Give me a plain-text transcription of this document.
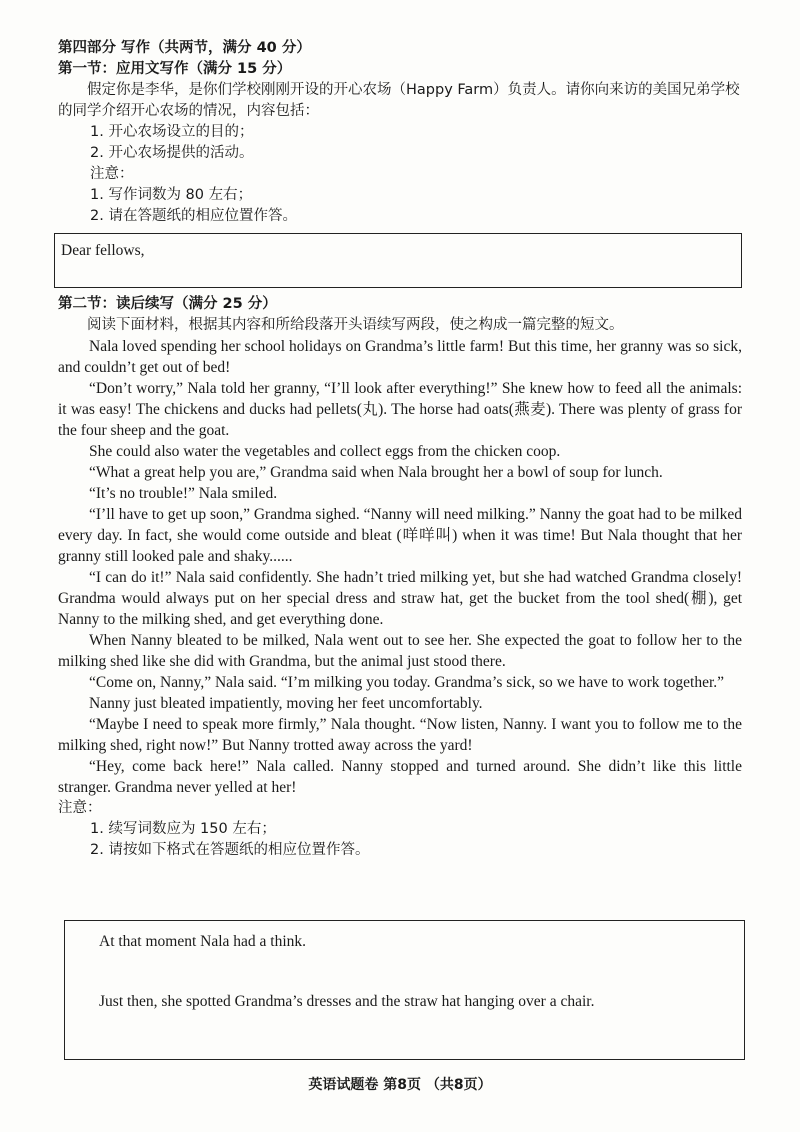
第四部分 写作（共两节，满分 40 分）

第一节：应用文写作（满分 15 分）

假定你是李华，是你们学校刚刚开设的开心农场（Happy Farm）负责人。请你向来访的美国兄弟学校的同学介绍开心农场的情况，内容包括：

1. 开心农场设立的目的；

2. 开心农场提供的活动。

注意：

1. 写作词数为 80 左右；

2. 请在答题纸的相应位置作答。

Dear fellows,

第二节：读后续写（满分 25 分）

阅读下面材料，根据其内容和所给段落开头语续写两段，使之构成一篇完整的短文。

Nala loved spending her school holidays on Grandma’s little farm! But this time, her granny was so sick, and couldn’t get out of bed!

“Don’t worry,” Nala told her granny, “I’ll look after everything!” She knew how to feed all the animals: it was easy! The chickens and ducks had pellets(丸). The horse had oats(燕麦). There was plenty of grass for the four sheep and the goat.

She could also water the vegetables and collect eggs from the chicken coop.

“What a great help you are,” Grandma said when Nala brought her a bowl of soup for lunch.

“It’s no trouble!” Nala smiled.

“I’ll have to get up soon,” Grandma sighed. “Nanny will need milking.” Nanny the goat had to be milked every day. In fact, she would come outside and bleat (咩咩叫) when it was time! But Nala thought that her granny still looked pale and shaky......

“I can do it!” Nala said confidently. She hadn’t tried milking yet, but she had watched Grandma closely! Grandma would always put on her special dress and straw hat, get the bucket from the tool shed(棚), get Nanny to the milking shed, and get everything done.

When Nanny bleated to be milked, Nala went out to see her. She expected the goat to follow her to the milking shed like she did with Grandma, but the animal just stood there.

“Come on, Nanny,” Nala said. “I’m milking you today. Grandma’s sick, so we have to work together.”

Nanny just bleated impatiently, moving her feet uncomfortably.

“Maybe I need to speak more firmly,” Nala thought. “Now listen, Nanny. I want you to follow me to the milking shed, right now!” But Nanny trotted away across the yard!

“Hey, come back here!” Nala called. Nanny stopped and turned around. She didn’t like this little stranger. Grandma never yelled at her!

注意：

1. 续写词数应为 150 左右；

2. 请按如下格式在答题纸的相应位置作答。

At that moment Nala had a think.

Just then, she spotted Grandma’s dresses and the straw hat hanging over a chair.

英语试题卷 第8页 （共8页）
